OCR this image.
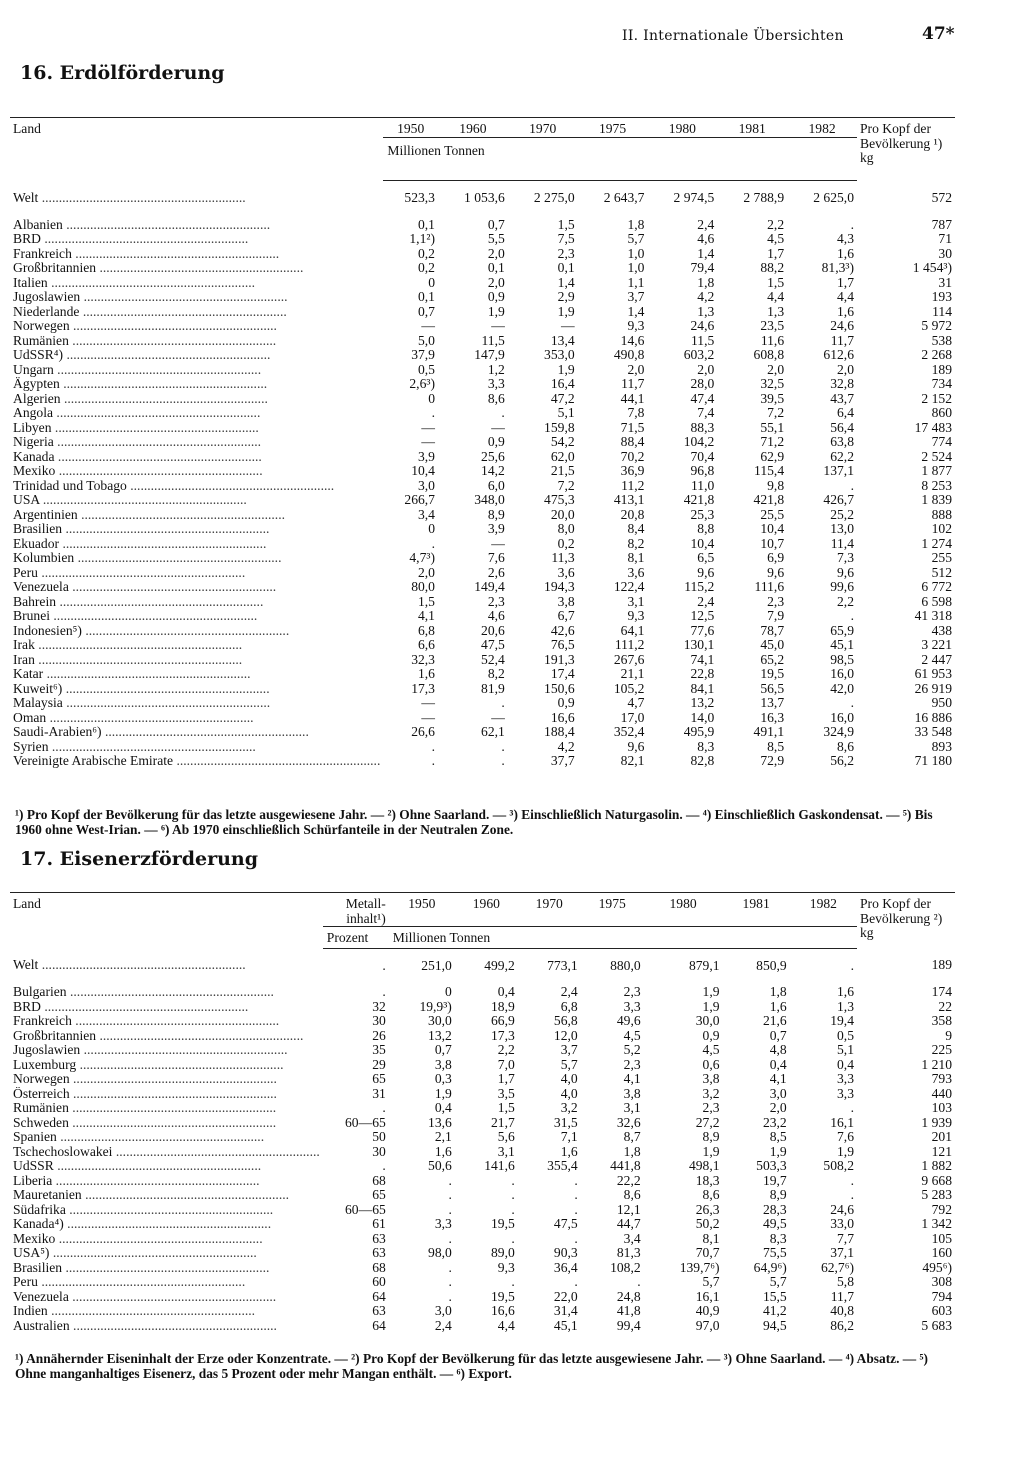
II. Internationale Übersichten	47*
16. Erdölförderung
Land	1950	1960	1970	1975	1980	1981	1982	Pro Kopf der Bevölkerung ¹) kg
	Millionen Tonnen							
Welt ............................................................	523,3	1 053,6	2 275,0	2 643,7	2 974,5	2 788,9	2 625,0	572
Albanien ............................................................	0,1	0,7	1,5	1,8	2,4	2,2	.	787
BRD ............................................................	1,1²)	5,5	7,5	5,7	4,6	4,5	4,3	71
Frankreich ............................................................	0,2	2,0	2,3	1,0	1,4	1,7	1,6	30
Großbritannien ............................................................	0,2	0,1	0,1	1,0	79,4	88,2	81,3³)	1 454³)
Italien ............................................................	0	2,0	1,4	1,1	1,8	1,5	1,7	31
Jugoslawien ............................................................	0,1	0,9	2,9	3,7	4,2	4,4	4,4	193
Niederlande ............................................................	0,7	1,9	1,9	1,4	1,3	1,3	1,6	114
Norwegen ............................................................	—	—	—	9,3	24,6	23,5	24,6	5 972
Rumänien ............................................................	5,0	11,5	13,4	14,6	11,5	11,6	11,7	538
UdSSR⁴) ............................................................	37,9	147,9	353,0	490,8	603,2	608,8	612,6	2 268
Ungarn ............................................................	0,5	1,2	1,9	2,0	2,0	2,0	2,0	189
Ägypten ............................................................	2,6³)	3,3	16,4	11,7	28,0	32,5	32,8	734
Algerien ............................................................	0	8,6	47,2	44,1	47,4	39,5	43,7	2 152
Angola ............................................................	.	.	5,1	7,8	7,4	7,2	6,4	860
Libyen ............................................................	—	—	159,8	71,5	88,3	55,1	56,4	17 483
Nigeria ............................................................	—	0,9	54,2	88,4	104,2	71,2	63,8	774
Kanada ............................................................	3,9	25,6	62,0	70,2	70,4	62,9	62,2	2 524
Mexiko ............................................................	10,4	14,2	21,5	36,9	96,8	115,4	137,1	1 877
Trinidad und Tobago ............................................................	3,0	6,0	7,2	11,2	11,0	9,8	.	8 253
USA ............................................................	266,7	348,0	475,3	413,1	421,8	421,8	426,7	1 839
Argentinien ............................................................	3,4	8,9	20,0	20,8	25,3	25,5	25,2	888
Brasilien ............................................................	0	3,9	8,0	8,4	8,8	10,4	13,0	102
Ekuador ............................................................	.	—	0,2	8,2	10,4	10,7	11,4	1 274
Kolumbien ............................................................	4,7³)	7,6	11,3	8,1	6,5	6,9	7,3	255
Peru ............................................................	2,0	2,6	3,6	3,6	9,6	9,6	9,6	512
Venezuela ............................................................	80,0	149,4	194,3	122,4	115,2	111,6	99,6	6 772
Bahrein ............................................................	1,5	2,3	3,8	3,1	2,4	2,3	2,2	6 598
Brunei ............................................................	4,1	4,6	6,7	9,3	12,5	7,9	.	41 318
Indonesien⁵) ............................................................	6,8	20,6	42,6	64,1	77,6	78,7	65,9	438
Irak ............................................................	6,6	47,5	76,5	111,2	130,1	45,0	45,1	3 221
Iran ............................................................	32,3	52,4	191,3	267,6	74,1	65,2	98,5	2 447
Katar ............................................................	1,6	8,2	17,4	21,1	22,8	19,5	16,0	61 953
Kuweit⁶) ............................................................	17,3	81,9	150,6	105,2	84,1	56,5	42,0	26 919
Malaysia ............................................................	—	.	0,9	4,7	13,2	13,7	.	950
Oman ............................................................	—	—	16,6	17,0	14,0	16,3	16,0	16 886
Saudi-Arabien⁶) ............................................................	26,6	62,1	188,4	352,4	495,9	491,1	324,9	33 548
Syrien ............................................................	.	.	4,2	9,6	8,3	8,5	8,6	893
Vereinigte Arabische Emirate ............................................................	.	.	37,7	82,1	82,8	72,9	56,2	71 180
¹) Pro Kopf der Bevölkerung für das letzte ausgewiesene Jahr. — ²) Ohne Saarland. — ³) Einschließlich Naturgasolin. — ⁴) Einschließlich Gaskondensat. — ⁵) Bis 1960 ohne West-Irian. — ⁶) Ab 1970 einschließlich Schürfanteile in der Neutralen Zone.
17. Eisenerzförderung
Land	Metall-inhalt¹)	1950	1960	1970	1975	1980	1981	1982	Pro Kopf der Bevölkerung ²) kg
	Prozent	Millionen Tonnen							
Welt ............................................................	.	251,0	499,2	773,1	880,0	879,1	850,9	.	189
Bulgarien ............................................................	.	0	0,4	2,4	2,3	1,9	1,8	1,6	174
BRD ............................................................	32	19,9³)	18,9	6,8	3,3	1,9	1,6	1,3	22
Frankreich ............................................................	30	30,0	66,9	56,8	49,6	30,0	21,6	19,4	358
Großbritannien ............................................................	26	13,2	17,3	12,0	4,5	0,9	0,7	0,5	9
Jugoslawien ............................................................	35	0,7	2,2	3,7	5,2	4,5	4,8	5,1	225
Luxemburg ............................................................	29	3,8	7,0	5,7	2,3	0,6	0,4	0,4	1 210
Norwegen ............................................................	65	0,3	1,7	4,0	4,1	3,8	4,1	3,3	793
Österreich ............................................................	31	1,9	3,5	4,0	3,8	3,2	3,0	3,3	440
Rumänien ............................................................	.	0,4	1,5	3,2	3,1	2,3	2,0	.	103
Schweden ............................................................	60—65	13,6	21,7	31,5	32,6	27,2	23,2	16,1	1 939
Spanien ............................................................	50	2,1	5,6	7,1	8,7	8,9	8,5	7,6	201
Tschechoslowakei ............................................................	30	1,6	3,1	1,6	1,8	1,9	1,9	1,9	121
UdSSR ............................................................	.	50,6	141,6	355,4	441,8	498,1	503,3	508,2	1 882
Liberia ............................................................	68	.	.	.	22,2	18,3	19,7	.	9 668
Mauretanien ............................................................	65	.	.	.	8,6	8,6	8,9	.	5 283
Südafrika ............................................................	60—65	.	.	.	12,1	26,3	28,3	24,6	792
Kanada⁴) ............................................................	61	3,3	19,5	47,5	44,7	50,2	49,5	33,0	1 342
Mexiko ............................................................	63	.	.	.	3,4	8,1	8,3	7,7	105
USA⁵) ............................................................	63	98,0	89,0	90,3	81,3	70,7	75,5	37,1	160
Brasilien ............................................................	68	.	9,3	36,4	108,2	139,7⁶)	64,9⁶)	62,7⁶)	495⁶)
Peru ............................................................	60	.	.	.	.	5,7	5,7	5,8	308
Venezuela ............................................................	64	.	19,5	22,0	24,8	16,1	15,5	11,7	794
Indien ............................................................	63	3,0	16,6	31,4	41,8	40,9	41,2	40,8	603
Australien ............................................................	64	2,4	4,4	45,1	99,4	97,0	94,5	86,2	5 683
¹) Annähernder Eiseninhalt der Erze oder Konzentrate. — ²) Pro Kopf der Bevölkerung für das letzte ausgewiesene Jahr. — ³) Ohne Saarland. — ⁴) Absatz. — ⁵) Ohne manganhaltiges Eisenerz, das 5 Prozent oder mehr Mangan enthält. — ⁶) Export.
